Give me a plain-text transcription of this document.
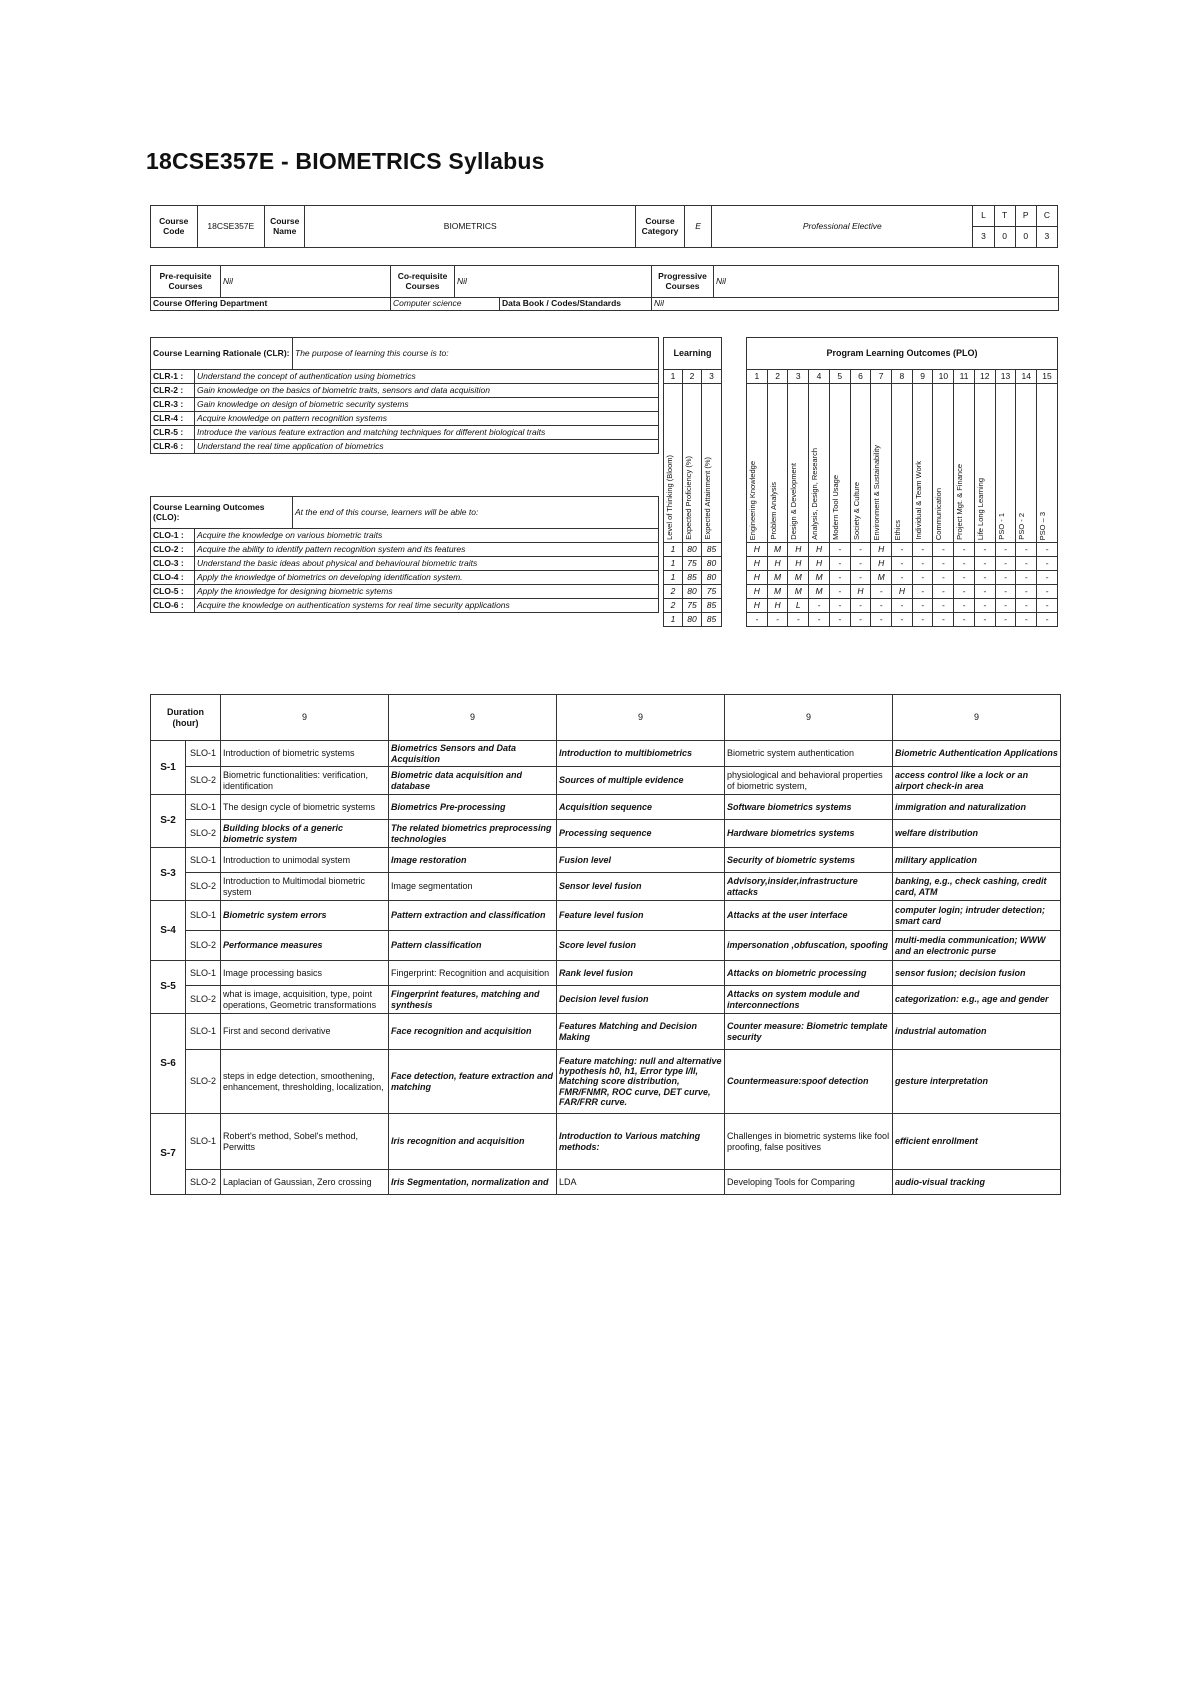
18CSE357E - BIOMETRICS Syllabus
Course Code	18CSE357E	Course Name	BIOMETRICS	Course Category	E	Professional Elective	L	T	P	C
							3	0	0	3
Pre-requisite Courses	Nil	Co-requisite Courses	Nil		Progressive Courses	Nil
Course Offering Department		Computer science		Data Book / Codes/Standards	Nil	
Course Learning Rationale (CLR):		The purpose of learning this course is to:
CLR-1 :	Understand the concept of authentication using biometrics	
CLR-2 :	Gain knowledge on the basics of biometric traits, sensors and data acquisition	
CLR-3 :	Gain knowledge on design of biometric security systems	
CLR-4 :	Acquire knowledge on pattern recognition systems	
CLR-5 :	Introduce the various feature extraction and matching techniques for different biological traits	
CLR-6 :	Understand the real time application of biometrics	

Course Learning Outcomes (CLO):		At the end of this course, learners will be able to:
CLO-1 :	Acquire the knowledge on various biometric traits	
CLO-2 :	Acquire the ability to identify pattern recognition system and its features	
CLO-3 :	Understand the basic ideas about physical and behavioural biometric traits	
CLO-4 :	Apply the knowledge of biometrics on developing identification system.	
CLO-5 :	Apply the knowledge for designing biometric sytems	
CLO-6 :	Acquire the knowledge on authentication systems for real time security applications	
Learning		
1	2	3

Level of Thinking (Bloom)	Expected Proficiency (%)	Expected Attainment (%)

1	80	85
1	75	80
1	85	80
2	80	75
2	75	85
1	80	85
Program Learning Outcomes (PLO)														
1	2	3	4	5	6	7	8	9	10	11	12	13	14	15

Engineering Knowledge	Problem Analysis	Design & Development	Analysis, Design, Research	Modern Tool Usage	Society & Culture	Environment & Sustainability	Ethics	Individual & Team Work	Communication	Project Mgt. & Finance	Life Long Learning	PSO - 1	PSO - 2	PSO – 3

H	M	H	H	-	-	H	-	-	-	-	-	-	-	-
H	H	H	H	-	-	H	-	-	-	-	-	-	-	-
H	M	M	M	-	-	M	-	-	-	-	-	-	-	-
H	M	M	M	-	H	-	H	-	-	-	-	-	-	-
H	H	L	-	-	-	-	-	-	-	-	-	-	-	-
-	-	-	-	-	-	-	-	-	-	-	-	-	-	-
Duration (hour)		9	9	9	9	9
S-1	SLO-1	Introduction of biometric systems	Biometrics Sensors and Data Acquisition	Introduction to multibiometrics	Biometric system authentication	Biometric Authentication Applications
	SLO-2	Biometric functionalities: verification, identification	Biometric data acquisition and database	Sources of multiple evidence	physiological and behavioral properties of biometric system,	access control like a lock or an airport check-in area
S-2	SLO-1	The design cycle of biometric systems	Biometrics Pre-processing	Acquisition sequence	Software biometrics systems	immigration and naturalization
	SLO-2	Building blocks of a generic biometric system	The related biometrics preprocessing technologies	Processing sequence	Hardware biometrics systems	welfare distribution
S-3	SLO-1	Introduction to unimodal system	Image restoration	Fusion level	Security of biometric systems	military application
	SLO-2	Introduction to Multimodal biometric system	Image segmentation	Sensor level fusion	Advisory,insider,infrastructure attacks	banking, e.g., check cashing, credit card, ATM
S-4	SLO-1	Biometric system errors	Pattern extraction and classification	Feature level fusion	Attacks at the user interface	computer login; intruder detection; smart card
	SLO-2	Performance measures	Pattern classification	Score level fusion	impersonation ,obfuscation, spoofing	multi-media communication; WWW and an electronic purse
S-5	SLO-1	Image processing basics	Fingerprint: Recognition and acquisition	Rank level fusion	Attacks on biometric processing	sensor fusion; decision fusion
	SLO-2	what is image, acquisition, type, point operations, Geometric transformations	Fingerprint features, matching and synthesis	Decision level fusion	Attacks on system module and interconnections	categorization: e.g., age and gender
S-6	SLO-1	First and second derivative	Face recognition and acquisition	Features Matching and Decision Making	Counter measure: Biometric template security	industrial automation
	SLO-2	steps in edge detection, smoothening, enhancement, thresholding, localization,	Face detection, feature extraction and matching	Feature matching: null and alternative hypothesis h0, h1, Error type I/II, Matching score distribution, FMR/FNMR, ROC curve, DET curve, FAR/FRR curve.	Countermeasure:spoof detection	gesture interpretation
S-7	SLO-1	Robert's method, Sobel's method, Perwitts	Iris recognition and acquisition	Introduction to Various matching methods:	Challenges in biometric systems like fool proofing, false positives	efficient enrollment
	SLO-2	Laplacian of Gaussian, Zero crossing	Iris Segmentation, normalization and	LDA	Developing Tools for Comparing	audio-visual tracking
